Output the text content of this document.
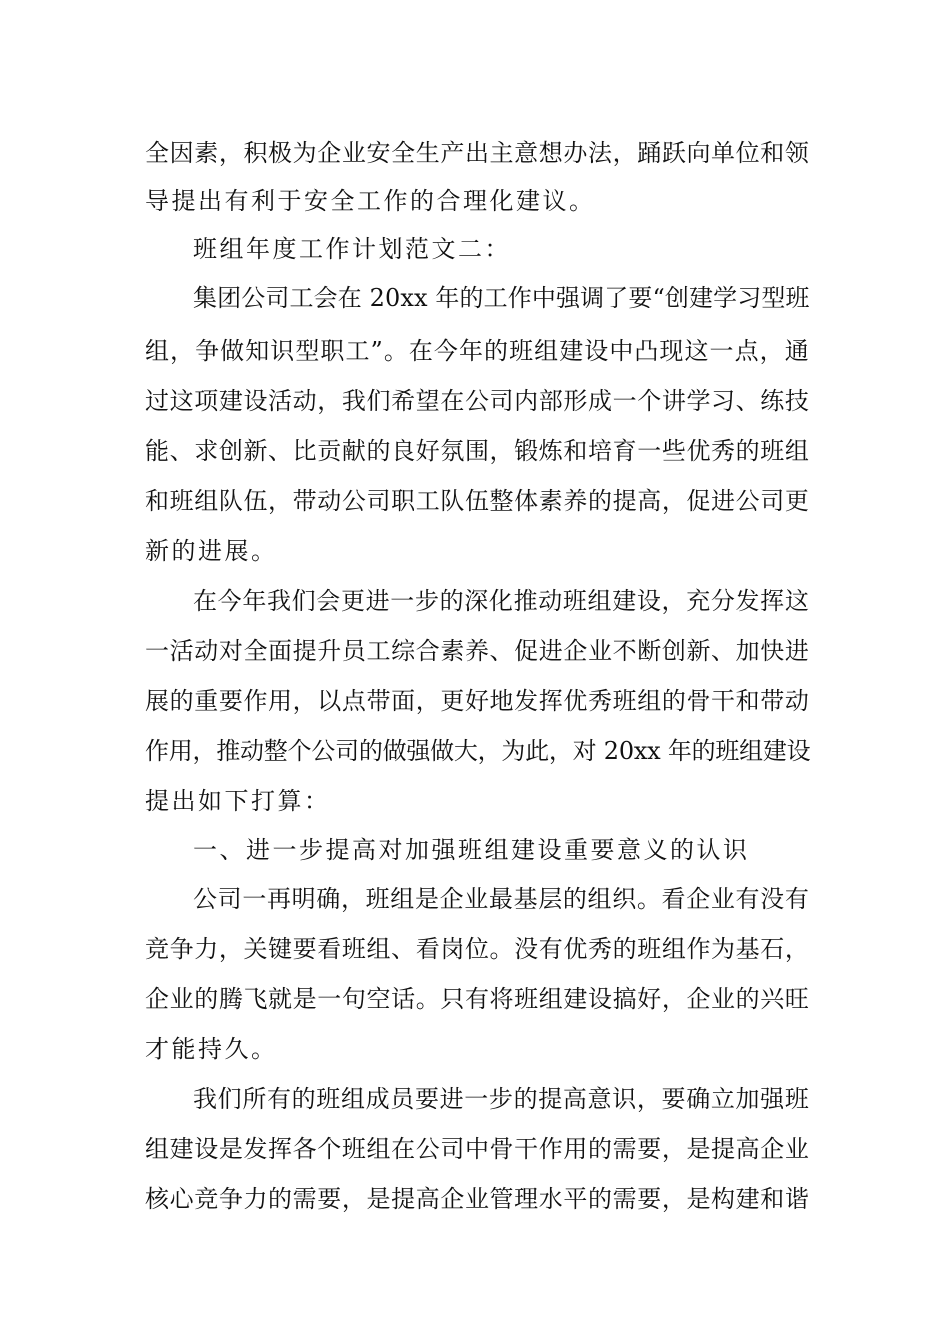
全因素，积极为企业安全生产出主意想办法，踊跃向单位和领

导提出有利于安全工作的合理化建议。

班组年度工作计划范文二：

集团公司工会在 20xx 年的工作中强调了要“创建学习型班

组，争做知识型职工”。在今年的班组建设中凸现这一点，通

过这项建设活动，我们希望在公司内部形成一个讲学习、练技

能、求创新、比贡献的良好氛围，锻炼和培育一些优秀的班组

和班组队伍，带动公司职工队伍整体素养的提高，促进公司更

新的进展。

在今年我们会更进一步的深化推动班组建设，充分发挥这

一活动对全面提升员工综合素养、促进企业不断创新、加快进

展的重要作用，以点带面，更好地发挥优秀班组的骨干和带动

作用，推动整个公司的做强做大，为此，对 20xx 年的班组建设

提出如下打算：

一、进一步提高对加强班组建设重要意义的认识

公司一再明确，班组是企业最基层的组织。看企业有没有

竞争力，关键要看班组、看岗位。没有优秀的班组作为基石，

企业的腾飞就是一句空话。只有将班组建设搞好，企业的兴旺

才能持久。

我们所有的班组成员要进一步的提高意识，要确立加强班

组建设是发挥各个班组在公司中骨干作用的需要，是提高企业

核心竞争力的需要，是提高企业管理水平的需要，是构建和谐
